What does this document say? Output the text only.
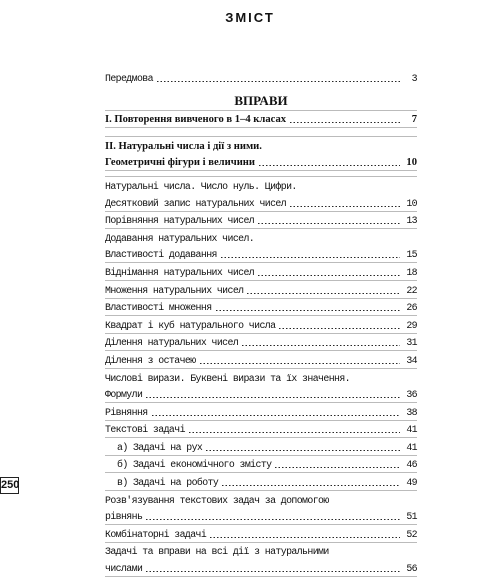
ЗМІСТ
Передмова	3
ВПРАВИ
I. Повторення вивченого в 1–4 класах	7
II. Натуральні числа і дії з ними.
Геометричні фігури і величини	10
Натуральні числа. Число нуль. Цифри.
Десятковий запис натуральних чисел	10
Порівняння натуральних чисел	13
Додавання натуральних чисел.
Властивості додавання	15
Віднімання натуральних чисел	18
Множення натуральних чисел	22
Властивості множення	26
Квадрат і куб натурального числа	29
Ділення натуральних чисел	31
Ділення з остачею	34
Числові вирази. Буквені вирази та їх значення.
Формули	36
Рівняння	38
Текстові задачі	41
а) Задачі на рух	41
б) Задачі економічного змісту	46
в) Задачі на роботу	49
Розв'язування текстових задач за допомогою
рівнянь	51
Комбінаторні задачі	52
Задачі та вправи на всі дії з натуральними
числами	56
250
